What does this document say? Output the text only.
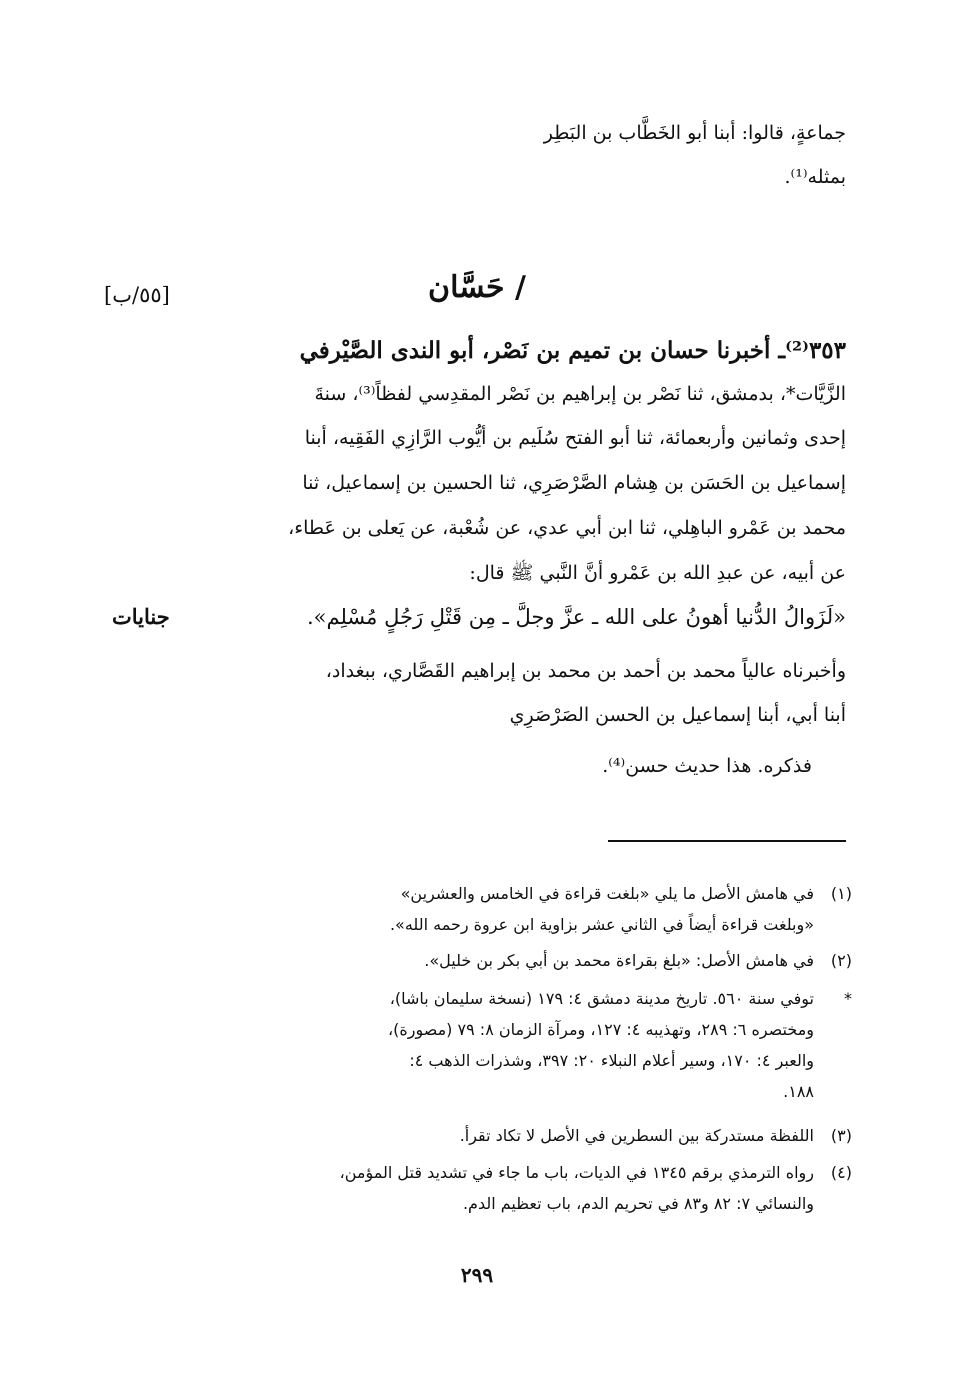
جماعةٍ، قالوا: أبنا أبو الخَطَّاب بن البَطِر
بمثله⁽¹⁾.
/ حَسَّان
[٥٥/ب]
٣٥٣⁽²⁾ـ أخبرنا حسان بن تميم بن نَصْر، أبو الندى الصَّيْرفي
الزَّيَّات*، بدمشق، ثنا نَصْر بن إبراهيم بن نَصْر المقدِسي لفظاً⁽³⁾، سنةَ
إحدى وثمانين وأربعمائة، ثنا أبو الفتح سُلَيم بن أيُّوب الرَّازِي الفَقِيه، أبنا
إسماعيل بن الحَسَن بن هِشام الصَّرْصَرِي، ثنا الحسين بن إسماعيل، ثنا
محمد بن عَمْرو الباهِلي، ثنا ابن أبي عدي، عن شُعْبة، عن يَعلى بن عَطاء،
عن أبيه، عن عبدِ الله بن عَمْرو أنَّ النَّبي ﷺ قال:
«لَزَوالُ الدُّنيا أهونُ على الله ـ عزَّ وجلَّ ـ مِن قَتْلِ رَجُلٍ مُسْلِم».
جنايات
وأخبرناه عالياً محمد بن أحمد بن محمد بن إبراهيم القَصَّاري، ببغداد،
أبنا أبي، أبنا إسماعيل بن الحسن الصَرْصَرِي
فذكره. هذا حديث حسن⁽⁴⁾.
(١)في هامش الأصل ما يلي «بلغت قراءة في الخامس والعشرين»
«وبلغت قراءة أيضاً في الثاني عشر بزاوية ابن عروة رحمه الله».
(٢)في هامش الأصل: «بلغ بقراءة محمد بن أبي بكر بن خليل».
*توفي سنة ٥٦٠. تاريخ مدينة دمشق ٤: ١٧٩ (نسخة سليمان باشا)،
ومختصره ٦: ٢٨٩، وتهذيبه ٤: ١٢٧، ومرآة الزمان ٨: ٧٩ (مصورة)،
والعبر ٤: ١٧٠، وسير أعلام النبلاء ٢٠: ٣٩٧، وشذرات الذهب ٤:
١٨٨.
(٣)اللفظة مستدركة بين السطرين في الأصل لا تكاد تقرأ.
(٤)رواه الترمذي برقم ١٣٤٥ في الديات، باب ما جاء في تشديد قتل المؤمن،
والنسائي ٧: ٨٢ و٨٣ في تحريم الدم، باب تعظيم الدم.
٢٩٩
